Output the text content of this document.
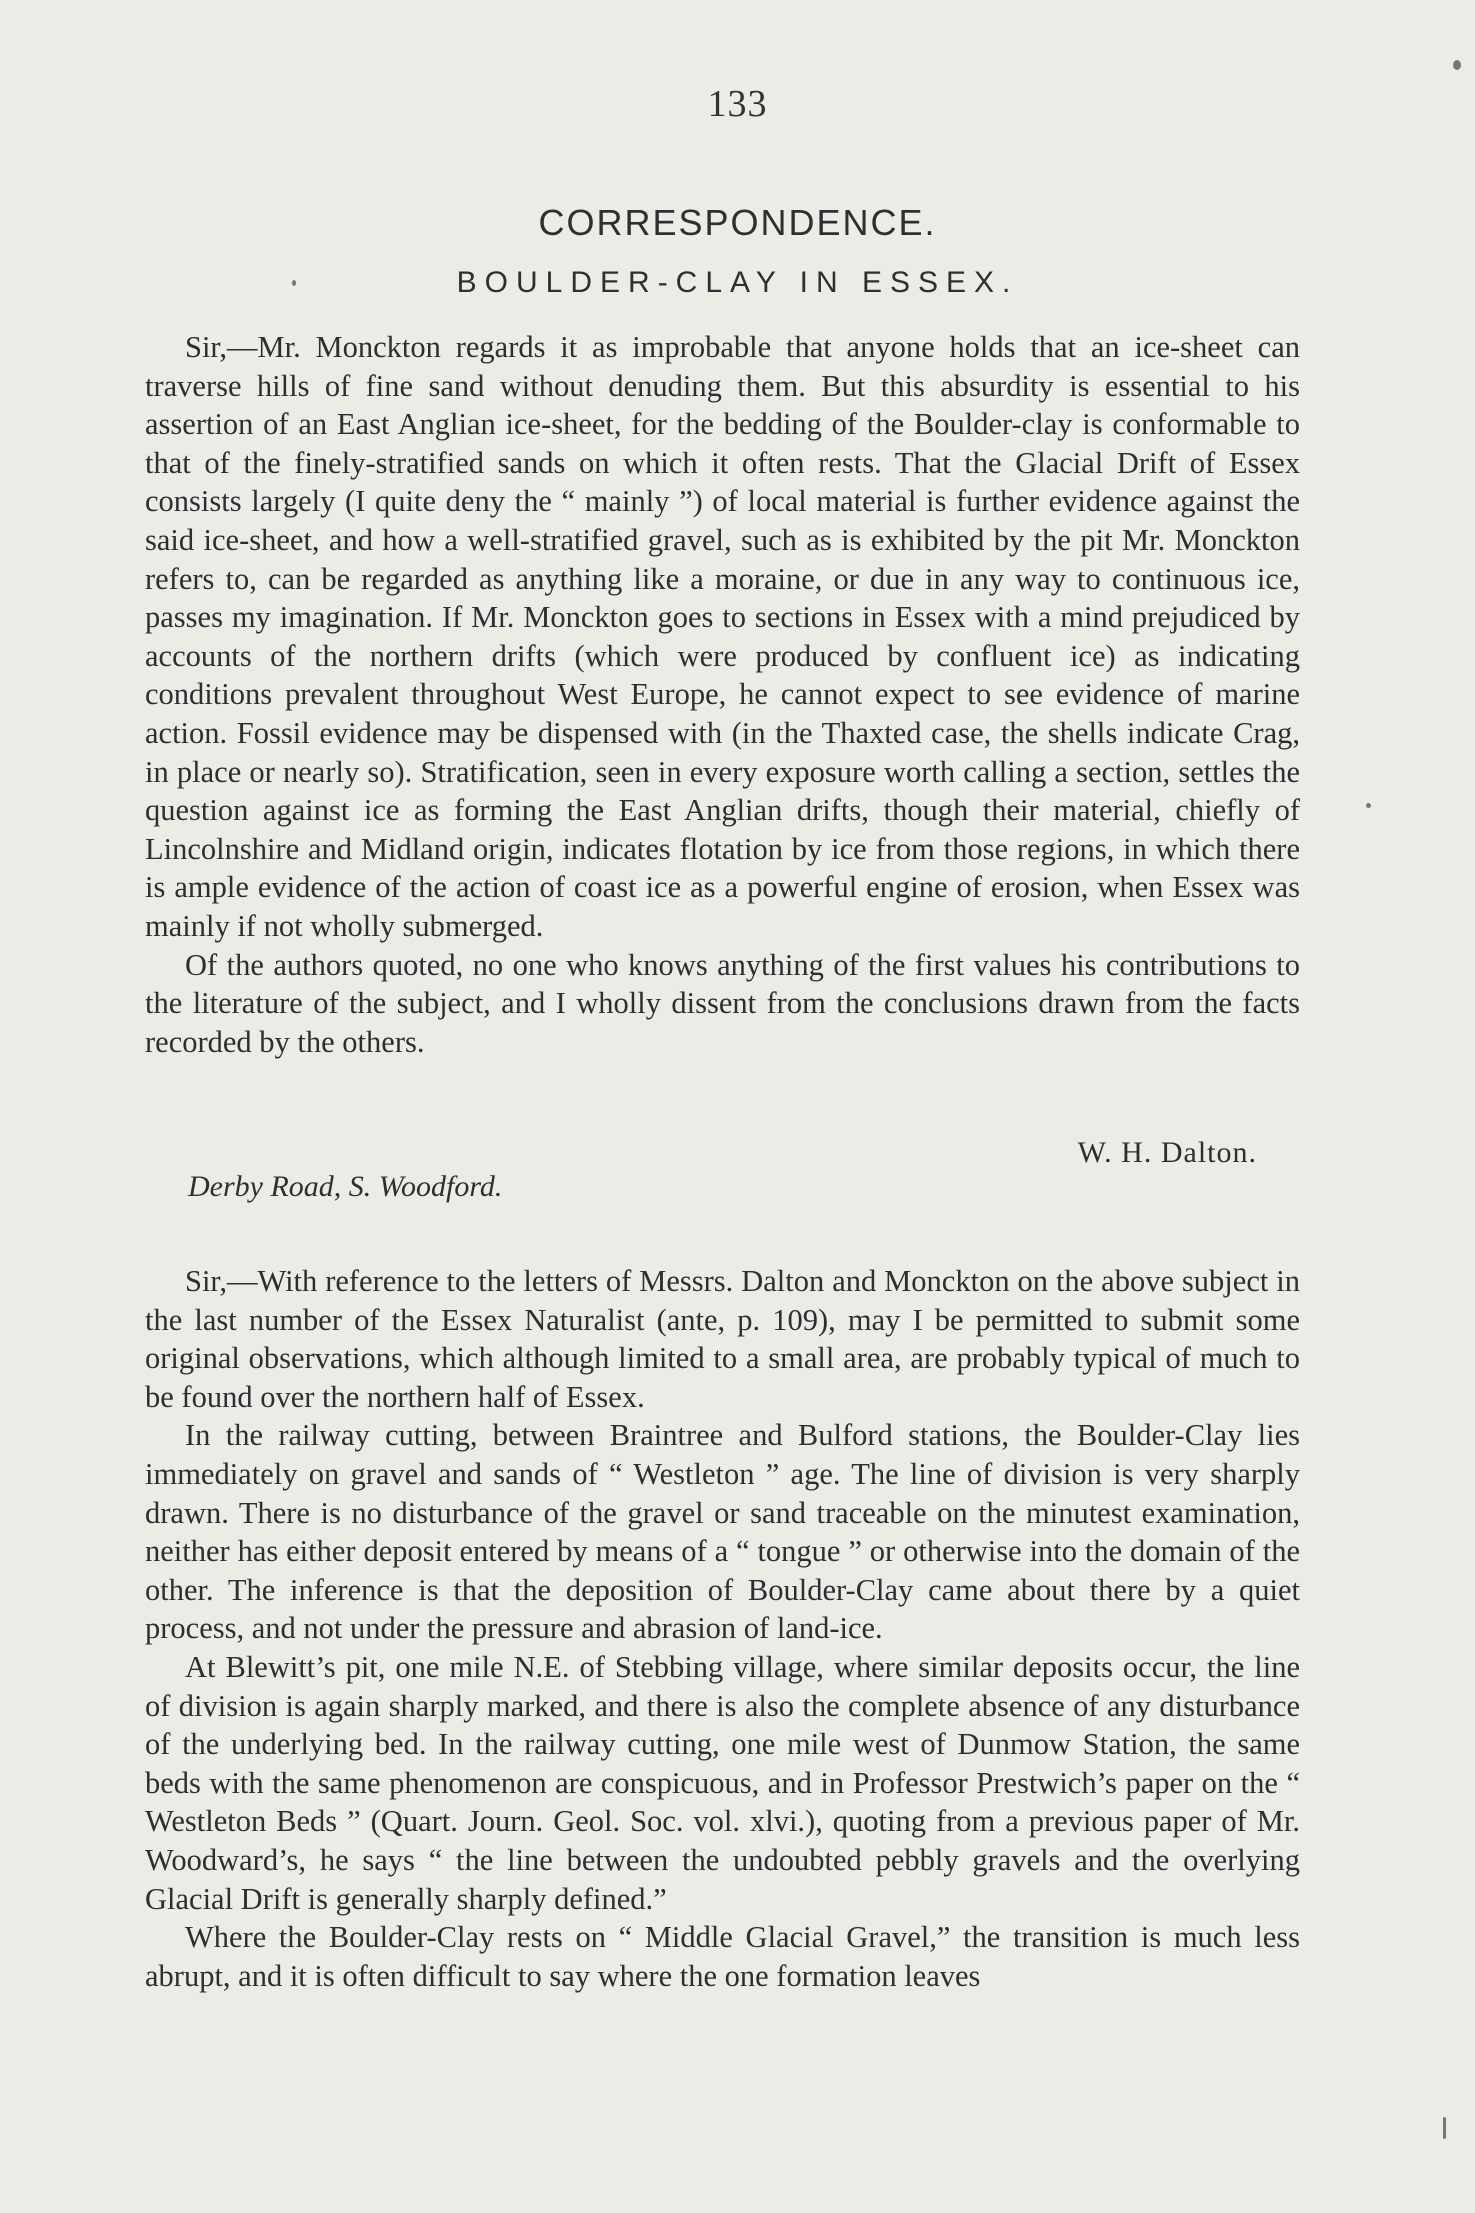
133
CORRESPONDENCE.
BOULDER-CLAY IN ESSEX.

Sir,—Mr. Monckton regards it as improbable that anyone holds that an ice-sheet can traverse hills of fine sand without denuding them. But this absurdity is essential to his assertion of an East Anglian ice-sheet, for the bedding of the Boulder-clay is conformable to that of the finely-stratified sands on which it often rests. That the Glacial Drift of Essex consists largely (I quite deny the “ mainly ”) of local material is further evidence against the said ice-sheet, and how a well-stratified gravel, such as is exhibited by the pit Mr. Monckton refers to, can be regarded as anything like a moraine, or due in any way to continuous ice, passes my imagination. If Mr. Monckton goes to sections in Essex with a mind prejudiced by accounts of the northern drifts (which were produced by confluent ice) as indicating conditions prevalent throughout West Europe, he cannot expect to see evidence of marine action. Fossil evidence may be dispensed with (in the Thaxted case, the shells indicate Crag, in place or nearly so). Stratification, seen in every exposure worth calling a section, settles the question against ice as forming the East Anglian drifts, though their material, chiefly of Lincolnshire and Midland origin, indicates flotation by ice from those regions, in which there is ample evidence of the action of coast ice as a powerful engine of erosion, when Essex was mainly if not wholly submerged.

Of the authors quoted, no one who knows anything of the first values his contributions to the literature of the subject, and I wholly dissent from the conclusions drawn from the facts recorded by the others.

W. H. Dalton.
Derby Road, S. Woodford.

Sir,—With reference to the letters of Messrs. Dalton and Monckton on the above subject in the last number of the Essex Naturalist (ante, p. 109), may I be permitted to submit some original observations, which although limited to a small area, are probably typical of much to be found over the northern half of Essex.

In the railway cutting, between Braintree and Bulford stations, the Boulder-Clay lies immediately on gravel and sands of “ Westleton ” age. The line of division is very sharply drawn. There is no disturbance of the gravel or sand traceable on the minutest examination, neither has either deposit entered by means of a “ tongue ” or otherwise into the domain of the other. The inference is that the deposition of Boulder-Clay came about there by a quiet process, and not under the pressure and abrasion of land-ice.

At Blewitt’s pit, one mile N.E. of Stebbing village, where similar deposits occur, the line of division is again sharply marked, and there is also the complete absence of any disturbance of the underlying bed. In the railway cutting, one mile west of Dunmow Station, the same beds with the same phenomenon are conspicuous, and in Professor Prestwich’s paper on the “ Westleton Beds ” (Quart. Journ. Geol. Soc. vol. xlvi.), quoting from a previous paper of Mr. Woodward’s, he says “ the line between the undoubted pebbly gravels and the overlying Glacial Drift is generally sharply defined.”

Where the Boulder-Clay rests on “ Middle Glacial Gravel,” the transition is much less abrupt, and it is often difficult to say where the one formation leaves
